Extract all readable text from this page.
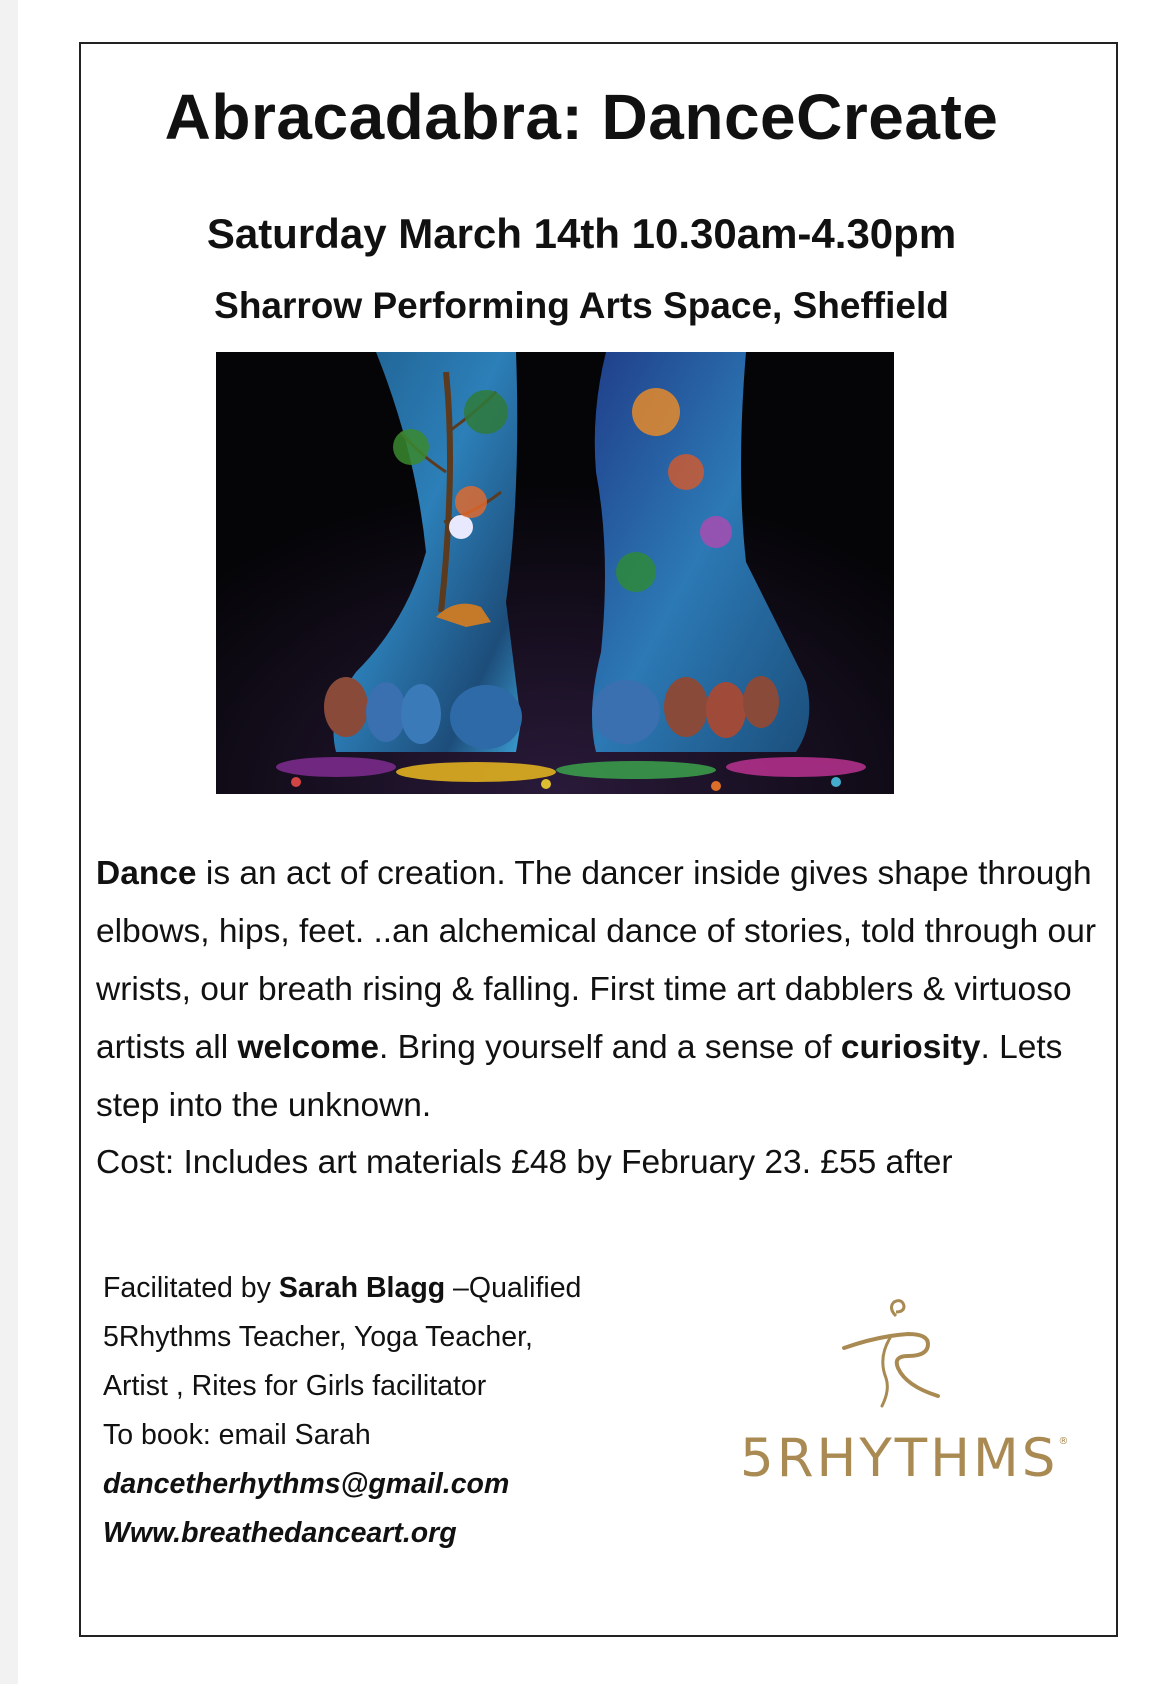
Abracadabra: DanceCreate
Saturday March 14th 10.30am-4.30pm
Sharrow Performing Arts Space, Sheffield

Dance is an act of creation. The dancer inside gives shape through elbows, hips, feet. ..an alchemical dance of stories, told through our wrists, our breath rising & falling. First time art dabblers & virtuoso artists all welcome. Bring yourself and a sense of curiosity. Lets step into the unknown.

Cost: Includes art materials £48 by February 23. £55 after
Facilitated by Sarah Blagg –Qualified
5Rhythms Teacher, Yoga Teacher,
Artist , Rites for Girls facilitator
To book: email Sarah
dancetherhythms@gmail.com
Www.breathedanceart.org
5RHYTHMS®
